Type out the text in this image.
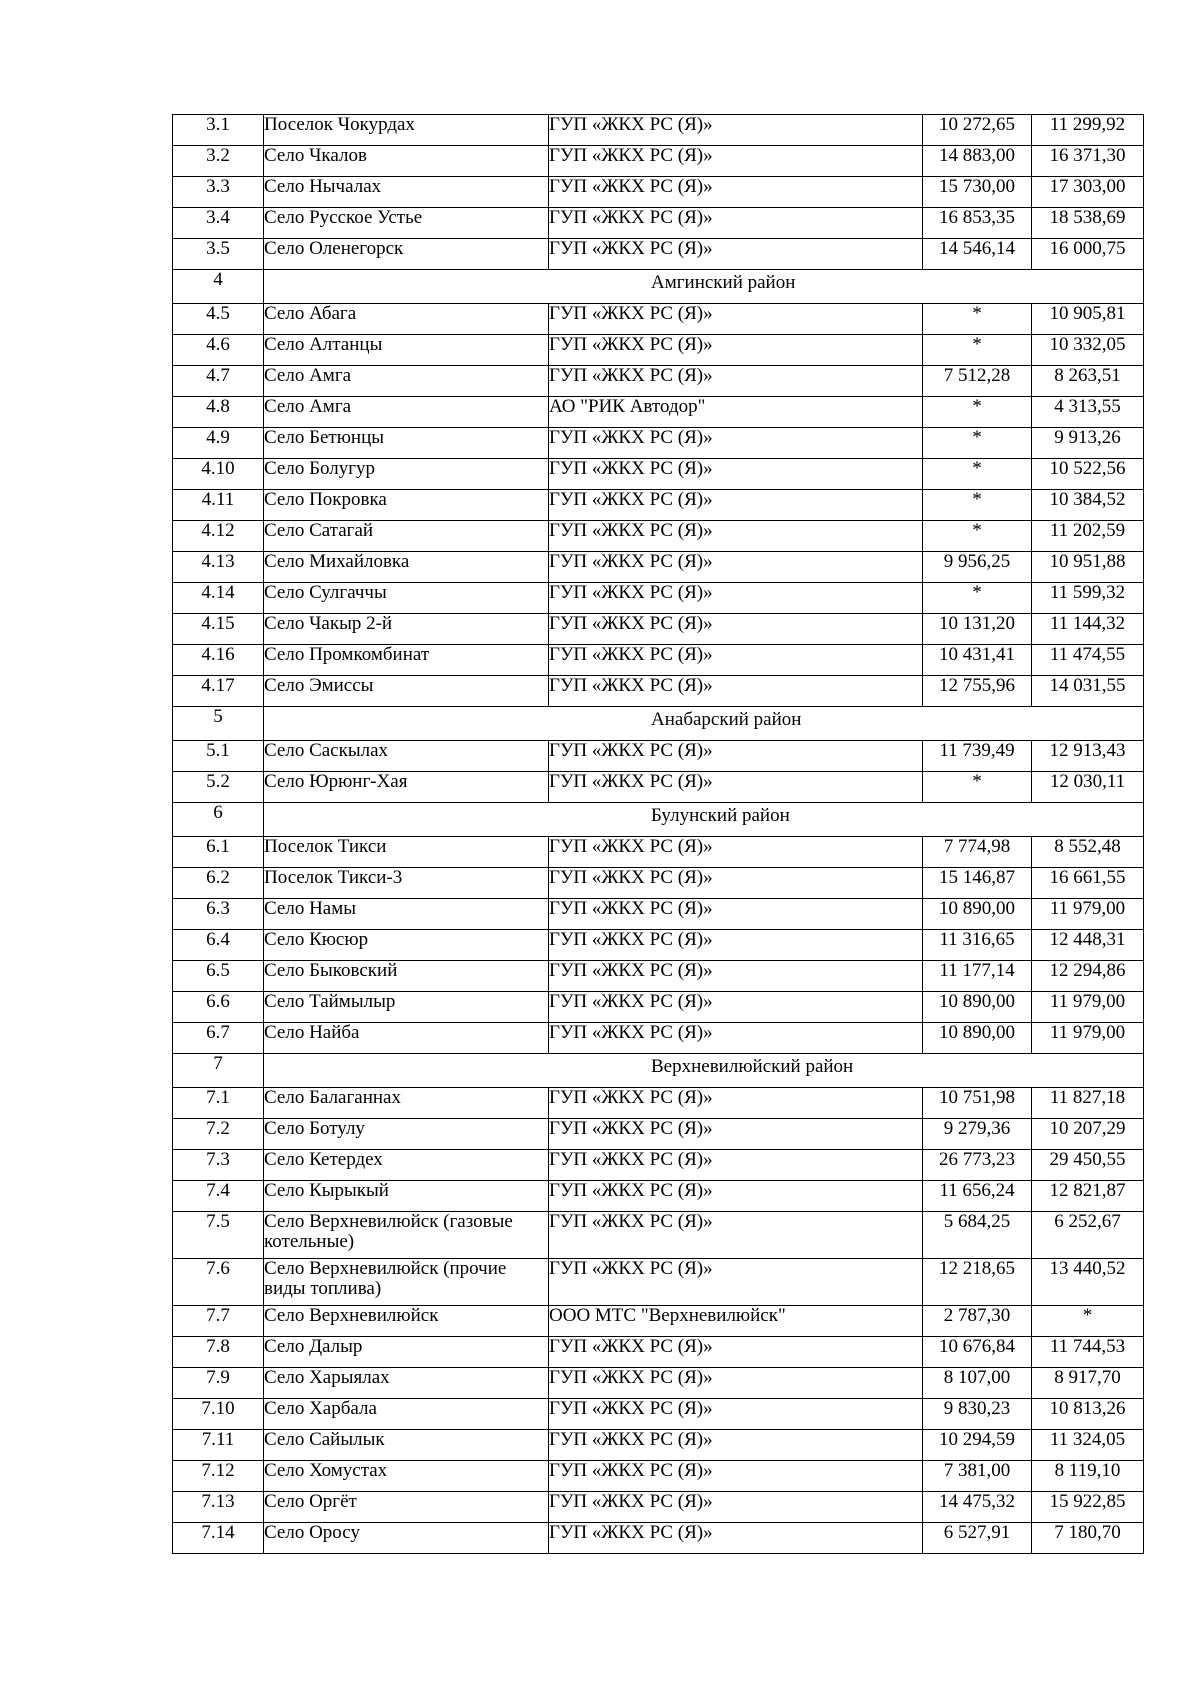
3.1	Поселок Чокурдах	ГУП «ЖКХ РС (Я)»	10 272,65	11 299,92
3.2	Село Чкалов	ГУП «ЖКХ РС (Я)»	14 883,00	16 371,30
3.3	Село Нычалах	ГУП «ЖКХ РС (Я)»	15 730,00	17 303,00
3.4	Село Русское Устье	ГУП «ЖКХ РС (Я)»	16 853,35	18 538,69
3.5	Село Оленегорск	ГУП «ЖКХ РС (Я)»	14 546,14	16 000,75
4	Амгинский район			
4.5	Село Абага	ГУП «ЖКХ РС (Я)»	*	10 905,81
4.6	Село Алтанцы	ГУП «ЖКХ РС (Я)»	*	10 332,05
4.7	Село Амга	ГУП «ЖКХ РС (Я)»	7 512,28	8 263,51
4.8	Село Амга	АО "РИК Автодор"	*	4 313,55
4.9	Село Бетюнцы	ГУП «ЖКХ РС (Я)»	*	9 913,26
4.10	Село Болугур	ГУП «ЖКХ РС (Я)»	*	10 522,56
4.11	Село Покровка	ГУП «ЖКХ РС (Я)»	*	10 384,52
4.12	Село Сатагай	ГУП «ЖКХ РС (Я)»	*	11 202,59
4.13	Село Михайловка	ГУП «ЖКХ РС (Я)»	9 956,25	10 951,88
4.14	Село Сулгаччы	ГУП «ЖКХ РС (Я)»	*	11 599,32
4.15	Село Чакыр 2-й	ГУП «ЖКХ РС (Я)»	10 131,20	11 144,32
4.16	Село Промкомбинат	ГУП «ЖКХ РС (Я)»	10 431,41	11 474,55
4.17	Село Эмиссы	ГУП «ЖКХ РС (Я)»	12 755,96	14 031,55
5	Анабарский район			
5.1	Село Саскылах	ГУП «ЖКХ РС (Я)»	11 739,49	12 913,43
5.2	Село Юрюнг-Хая	ГУП «ЖКХ РС (Я)»	*	12 030,11
6	Булунский район			
6.1	Поселок Тикси	ГУП «ЖКХ РС (Я)»	7 774,98	8 552,48
6.2	Поселок Тикси-3	ГУП «ЖКХ РС (Я)»	15 146,87	16 661,55
6.3	Село Намы	ГУП «ЖКХ РС (Я)»	10 890,00	11 979,00
6.4	Село Кюсюр	ГУП «ЖКХ РС (Я)»	11 316,65	12 448,31
6.5	Село Быковский	ГУП «ЖКХ РС (Я)»	11 177,14	12 294,86
6.6	Село Таймылыр	ГУП «ЖКХ РС (Я)»	10 890,00	11 979,00
6.7	Село Найба	ГУП «ЖКХ РС (Я)»	10 890,00	11 979,00
7	Верхневилюйский район			
7.1	Село Балаганнах	ГУП «ЖКХ РС (Я)»	10 751,98	11 827,18
7.2	Село Ботулу	ГУП «ЖКХ РС (Я)»	9 279,36	10 207,29
7.3	Село Кетердех	ГУП «ЖКХ РС (Я)»	26 773,23	29 450,55
7.4	Село Кырыкый	ГУП «ЖКХ РС (Я)»	11 656,24	12 821,87
7.5	Село Верхневилюйск (газовые котельные)	ГУП «ЖКХ РС (Я)»	5 684,25	6 252,67
7.6	Село Верхневилюйск (прочие виды топлива)	ГУП «ЖКХ РС (Я)»	12 218,65	13 440,52
7.7	Село Верхневилюйск	ООО МТС "Верхневилюйск"	2 787,30	*
7.8	Село Далыр	ГУП «ЖКХ РС (Я)»	10 676,84	11 744,53
7.9	Село Харыялах	ГУП «ЖКХ РС (Я)»	8 107,00	8 917,70
7.10	Село Харбала	ГУП «ЖКХ РС (Я)»	9 830,23	10 813,26
7.11	Село Сайылык	ГУП «ЖКХ РС (Я)»	10 294,59	11 324,05
7.12	Село Хомустах	ГУП «ЖКХ РС (Я)»	7 381,00	8 119,10
7.13	Село Оргёт	ГУП «ЖКХ РС (Я)»	14 475,32	15 922,85
7.14	Село Оросу	ГУП «ЖКХ РС (Я)»	6 527,91	7 180,70
